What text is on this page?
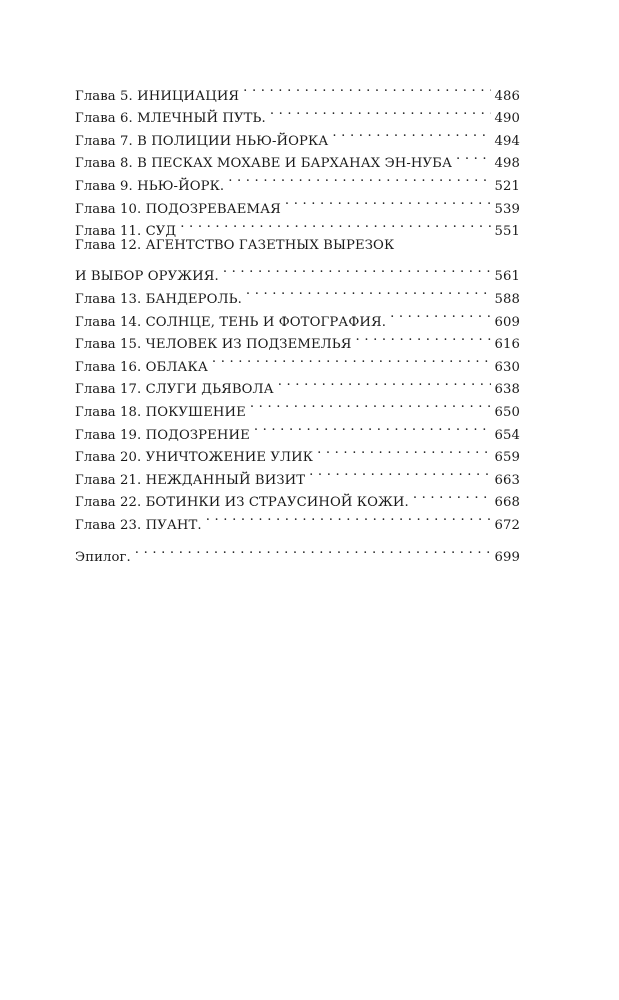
Глава 5. ИНИЦИАЦИЯ . . .	486
Глава 6. МЛЕЧНЫЙ ПУТЬ. . . .	490
Глава 7. В ПОЛИЦИИ НЬЮ-ЙОРКА . . .	494
Глава 8. В ПЕСКАХ МОХАВЕ И БАРХАНАХ ЭН-НУБА . . .	498
Глава 9. НЬЮ-ЙОРК. . . .	521
Глава 10. ПОДОЗРЕВАЕМАЯ . . .	539
Глава 11. СУД . . .	551
Глава 12. АГЕНТСТВО ГАЗЕТНЫХ ВЫРЕЗОК
И ВЫБОР ОРУЖИЯ. . . .	561
Глава 13. БАНДЕРОЛЬ. . . .	588
Глава 14. СОЛНЦЕ, ТЕНЬ И ФОТОГРАФИЯ. . . .	609
Глава 15. ЧЕЛОВЕК ИЗ ПОДЗЕМЕЛЬЯ . . .	616
Глава 16. ОБЛАКА . . .	630
Глава 17. СЛУГИ ДЬЯВОЛА . . .	638
Глава 18. ПОКУШЕНИЕ . . .	650
Глава 19. ПОДОЗРЕНИЕ . . .	654
Глава 20. УНИЧТОЖЕНИЕ УЛИК . . .	659
Глава 21. НЕЖДАННЫЙ ВИЗИТ . . .	663
Глава 22. БОТИНКИ ИЗ СТРАУСИНОЙ КОЖИ. . . .	668
Глава 23. ПУАНТ. . . .	672
Эпилог. . . .	699
